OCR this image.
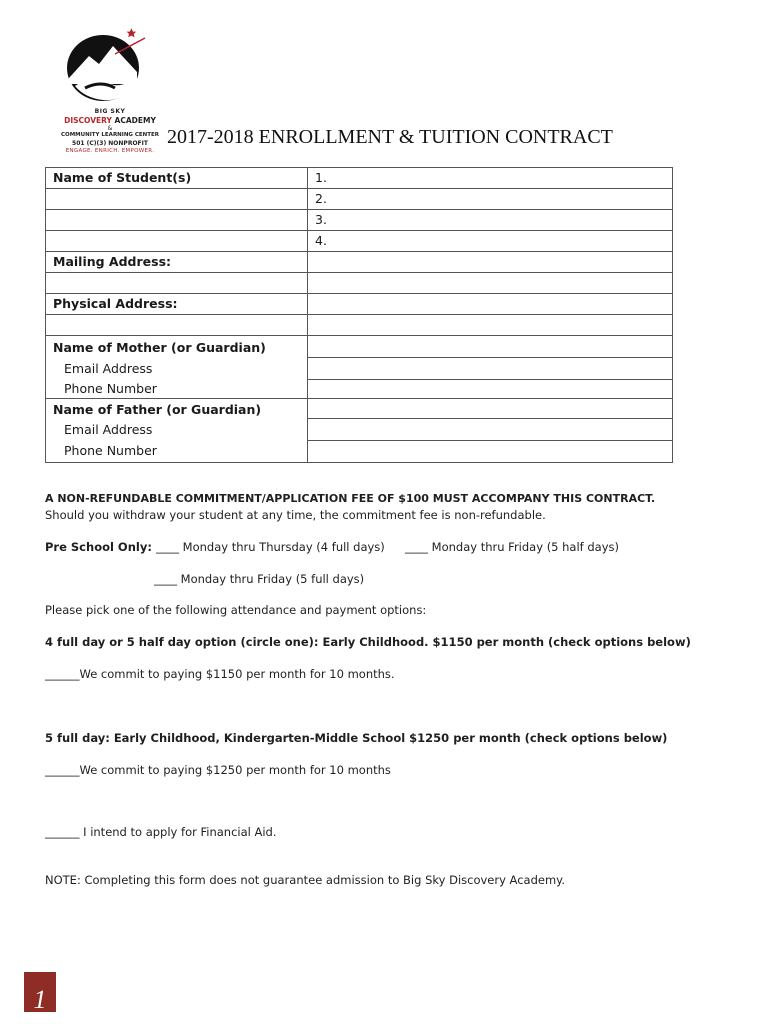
BIG SKY
DISCOVERY ACADEMY
&
COMMUNITY LEARNING CENTER
501 (C)(3) NONPROFIT
ENGAGE. ENRICH. EMPOWER.
2017-2018 ENROLLMENT & TUITION CONTRACT
Name of Student(s)	1.
	2.
	3.
	4.
Mailing Address:	

Physical Address:	

Name of Mother (or Guardian)
Email Address
Phone Number	

Name of Father (or Guardian)
Email Address
Phone Number	

A NON-REFUNDABLE COMMITMENT/APPLICATION FEE OF $100 MUST ACCOMPANY THIS CONTRACT.
Should you withdraw your student at any time, the commitment fee is non-refundable.
Pre School Only: ____ Monday thru Thursday (4 full days) ____ Monday thru Friday (5 half days)
____ Monday thru Friday (5 full days)
Please pick one of the following attendance and payment options:
4 full day or 5 half day option (circle one): Early Childhood. $1150 per month (check options below)
______We commit to paying $1150 per month for 10 months.
5 full day: Early Childhood, Kindergarten-Middle School $1250 per month (check options below)
______We commit to paying $1250 per month for 10 months
______ I intend to apply for Financial Aid.
NOTE: Completing this form does not guarantee admission to Big Sky Discovery Academy.
1
